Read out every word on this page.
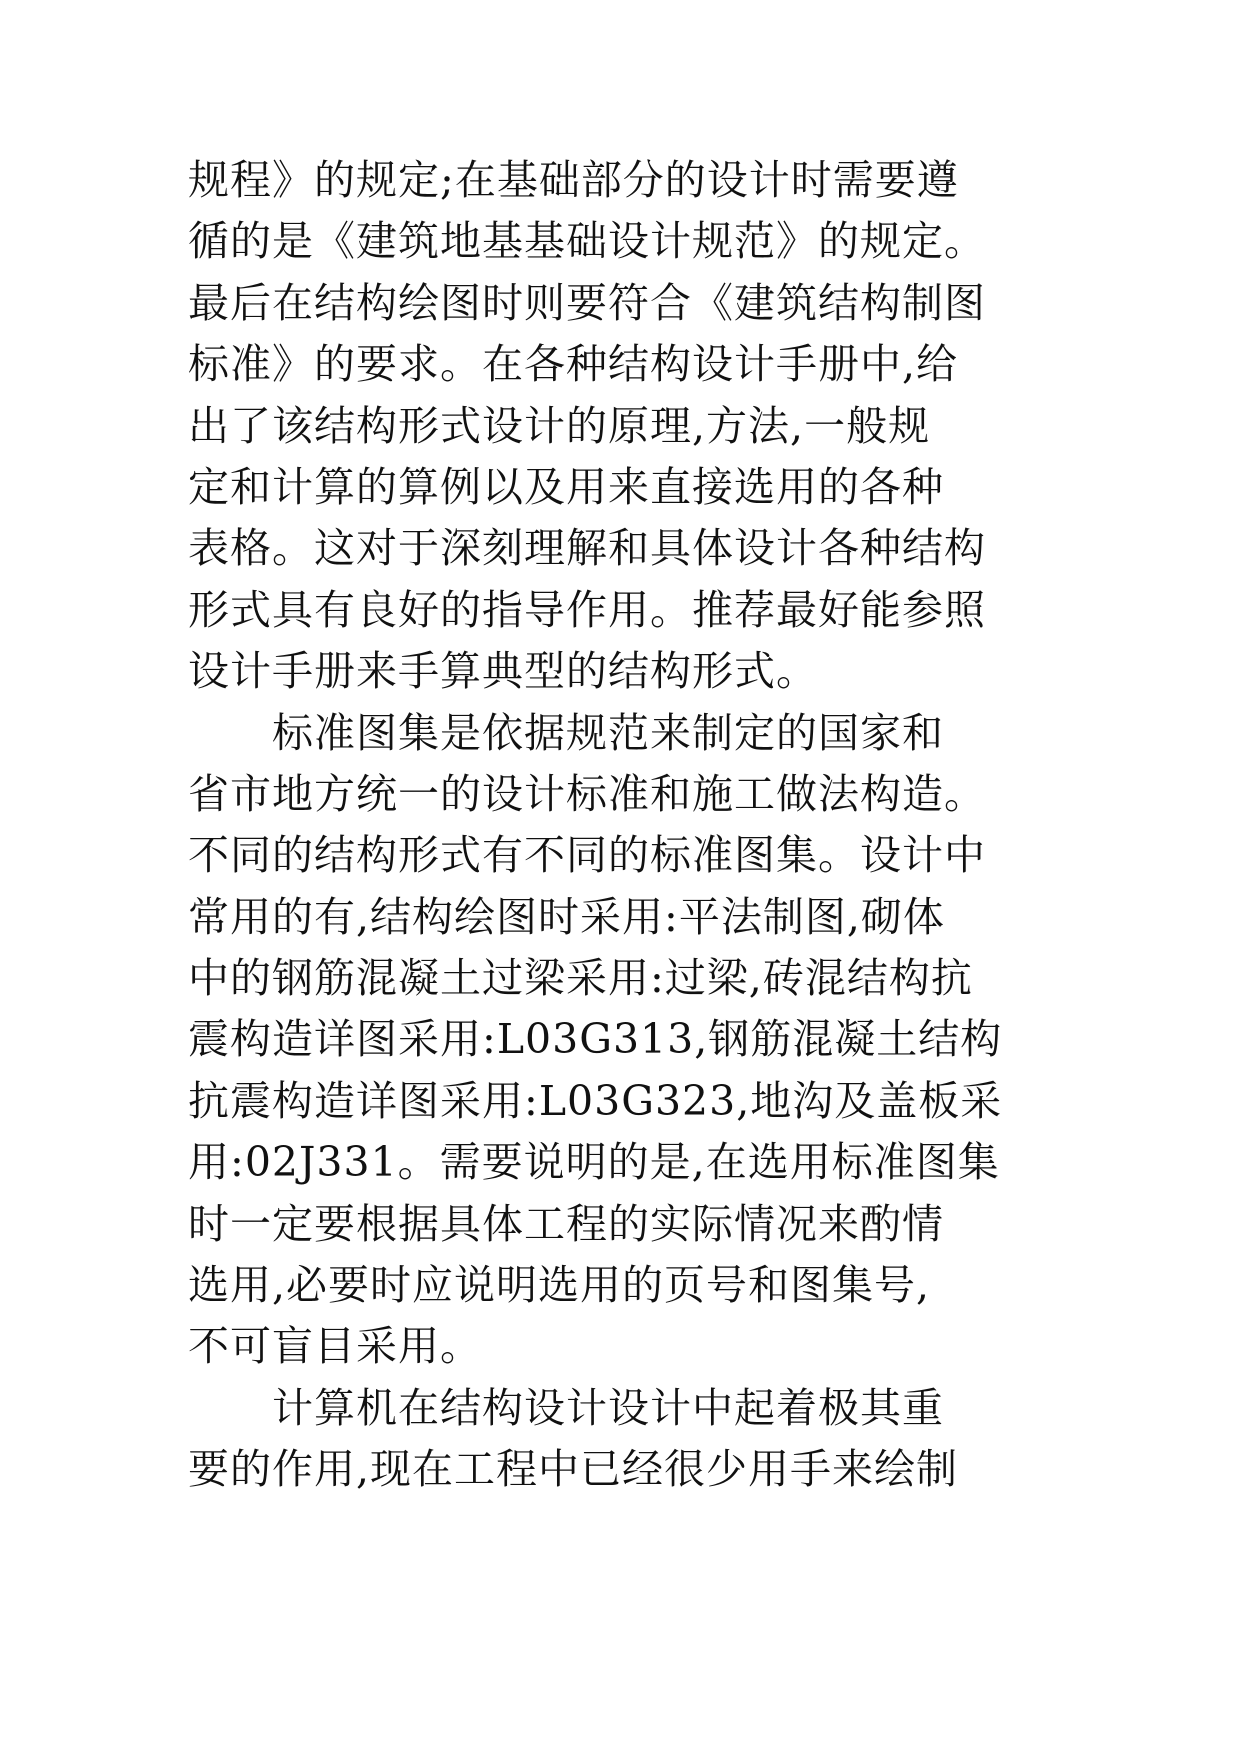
规程》的规定;在基础部分的设计时需要遵
循的是《建筑地基基础设计规范》的规定。
最后在结构绘图时则要符合《建筑结构制图
标准》的要求。在各种结构设计手册中,给
出了该结构形式设计的原理,方法,一般规
定和计算的算例以及用来直接选用的各种
表格。这对于深刻理解和具体设计各种结构
形式具有良好的指导作用。推荐最好能参照
设计手册来手算典型的结构形式。
标准图集是依据规范来制定的国家和
省市地方统一的设计标准和施工做法构造。
不同的结构形式有不同的标准图集。设计中
常用的有,结构绘图时采用:平法制图,砌体
中的钢筋混凝土过梁采用:过梁,砖混结构抗
震构造详图采用:L03G313,钢筋混凝土结构
抗震构造详图采用:L03G323,地沟及盖板采
用:02J331。需要说明的是,在选用标准图集
时一定要根据具体工程的实际情况来酌情
选用,必要时应说明选用的页号和图集号,
不可盲目采用。
计算机在结构设计设计中起着极其重
要的作用,现在工程中已经很少用手来绘制
